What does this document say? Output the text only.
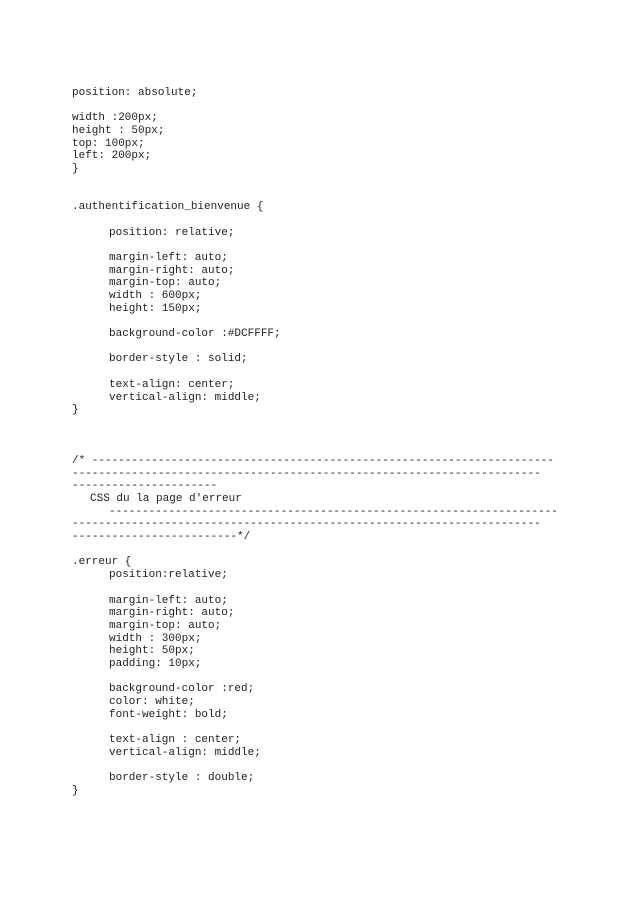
position: absolute;
width :200px;
height : 50px;
top: 100px;
left: 200px;
}
.authentification_bienvenue {
position: relative;
margin-left: auto;
margin-right: auto;
margin-top: auto;
width : 600px;
height: 150px;
background-color :#DCFFFF;
border-style : solid;
text-align: center;
vertical-align: middle;
}
/* ----------------------------------------------------------------------
-----------------------------------------------------------------------
----------------------
CSS du la page d'erreur
--------------------------------------------------------------------
-----------------------------------------------------------------------
-------------------------*/
.erreur {
position:relative;
margin-left: auto;
margin-right: auto;
margin-top: auto;
width : 300px;
height: 50px;
padding: 10px;
background-color :red;
color: white;
font-weight: bold;
text-align : center;
vertical-align: middle;
border-style : double;
}
